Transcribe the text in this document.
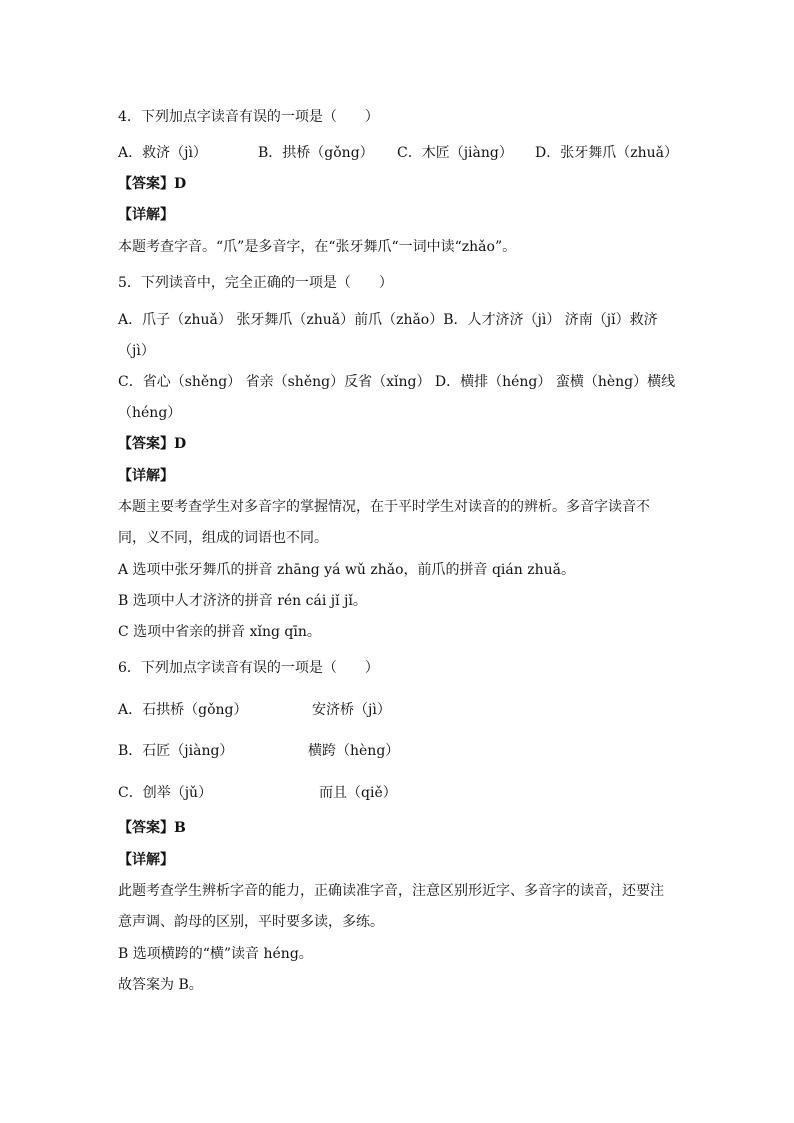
4．下列加点字读音有误的一项是（　　）
A．救济（jì）	B．拱桥（gǒng） C．木匠（jiàng） D．张牙舞爪（zhuǎ）
【答案】D
【详解】
本题考查字音。“爪”是多音字，在“张牙舞爪“一词中读“zhǎo”。
5．下列读音中，完全正确的一项是（　　）
A．爪子（zhuǎ） 张牙舞爪（zhuǎ）前爪（zhǎo）B．人才济济（jì） 济南（jǐ）救济
（jì）
C．省心（shěng） 省亲（shěng）反省（xǐng） D．横排（héng） 蛮横（hèng）横线
（héng）
【答案】D
【详解】
本题主要考查学生对多音字的掌握情况，在于平时学生对读音的的辨析。多音字读音不
同，义不同，组成的词语也不同。
A 选项中张牙舞爪的拼音 zhāng yá wǔ zhǎo，前爪的拼音 qián zhuǎ。
B 选项中人才济济的拼音 rén cái jǐ jǐ。
C 选项中省亲的拼音 xǐng qīn。
6．下列加点字读音有误的一项是（　　）
A．石拱桥（gǒng）	安济桥（jì）
B．石匠（jiàng）	横跨（hèng）
C．创举（jǔ）	而且（qiě）
【答案】B
【详解】
此题考查学生辨析字音的能力，正确读准字音，注意区别形近字、多音字的读音，还要注
意声调、韵母的区别，平时要多读，多练。
B 选项横跨的“横”读音 héng。
故答案为 B。
